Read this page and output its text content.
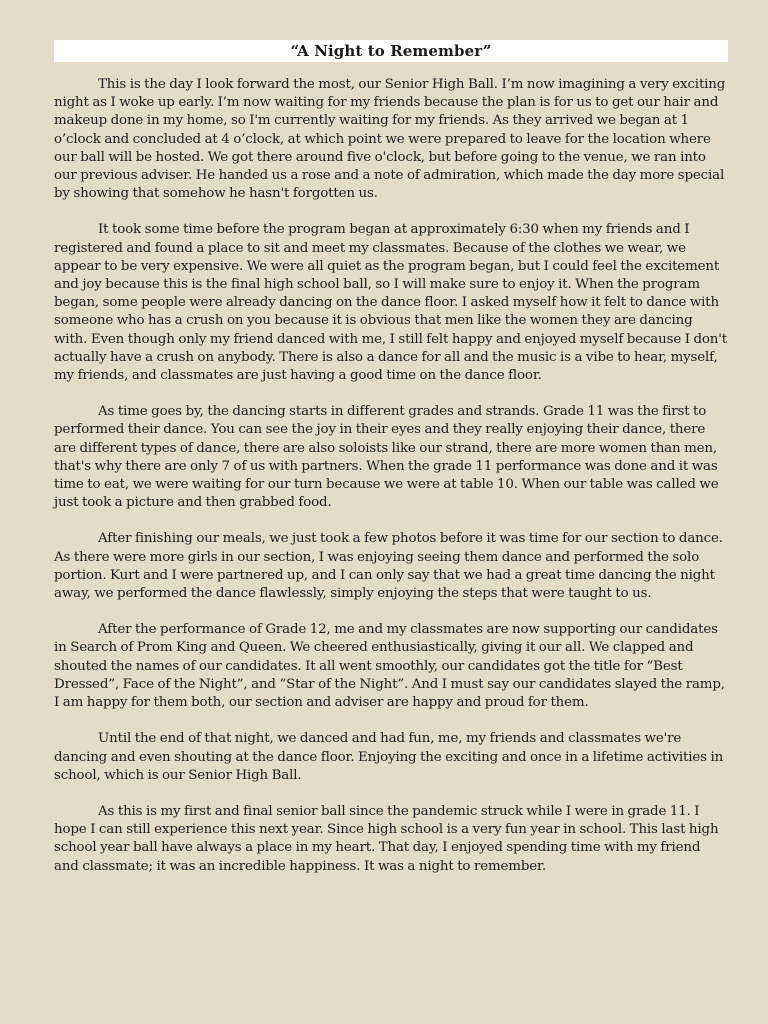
“A Night to Remember”

This is the day I look forward the most, our Senior High Ball. I’m now imagining a very exciting night as I woke up early. I’m now waiting for my friends because the plan is for us to get our hair and makeup done in my home, so I'm currently waiting for my friends. As they arrived we began at 1 o’clock and concluded at 4 o’clock, at which point we were prepared to leave for the location where our ball will be hosted. We got there around five o'clock, but before going to the venue, we ran into our previous adviser. He handed us a rose and a note of admiration, which made the day more special by showing that somehow he hasn't forgotten us.

It took some time before the program began at approximately 6:30 when my friends and I registered and found a place to sit and meet my classmates. Because of the clothes we wear, we appear to be very expensive. We were all quiet as the program began, but I could feel the excitement and joy because this is the final high school ball, so I will make sure to enjoy it. When the program began, some people were already dancing on the dance floor. I asked myself how it felt to dance with someone who has a crush on you because it is obvious that men like the women they are dancing with. Even though only my friend danced with me, I still felt happy and enjoyed myself because I don't actually have a crush on anybody. There is also a dance for all and the music is a vibe to hear, myself, my friends, and classmates are just having a good time on the dance floor.

As time goes by, the dancing starts in different grades and strands. Grade 11 was the first to performed their dance. You can see the joy in their eyes and they really enjoying their dance, there are different types of dance, there are also soloists like our strand, there are more women than men, that's why there are only 7 of us with partners. When the grade 11 performance was done and it was time to eat, we were waiting for our turn because we were at table 10. When our table was called we just took a picture and then grabbed food.

After finishing our meals, we just took a few photos before it was time for our section to dance. As there were more girls in our section, I was enjoying seeing them dance and performed the solo portion. Kurt and I were partnered up, and I can only say that we had a great time dancing the night away, we performed the dance flawlessly, simply enjoying the steps that were taught to us.

After the performance of Grade 12, me and my classmates are now supporting our candidates in Search of Prom King and Queen. We cheered enthusiastically, giving it our all. We clapped and shouted the names of our candidates. It all went smoothly, our candidates got the title for “Best Dressed”, Face of the Night”, and “Star of the Night”. And I must say our candidates slayed the ramp, I am happy for them both, our section and adviser are happy and proud for them.

Until the end of that night, we danced and had fun, me, my friends and classmates we're dancing and even shouting at the dance floor. Enjoying the exciting and once in a lifetime activities in school, which is our Senior High Ball.

As this is my first and final senior ball since the pandemic struck while I were in grade 11. I hope I can still experience this next year. Since high school is a very fun year in school. This last high school year ball have always a place in my heart. That day, I enjoyed spending time with my friend and classmate; it was an incredible happiness. It was a night to remember.
